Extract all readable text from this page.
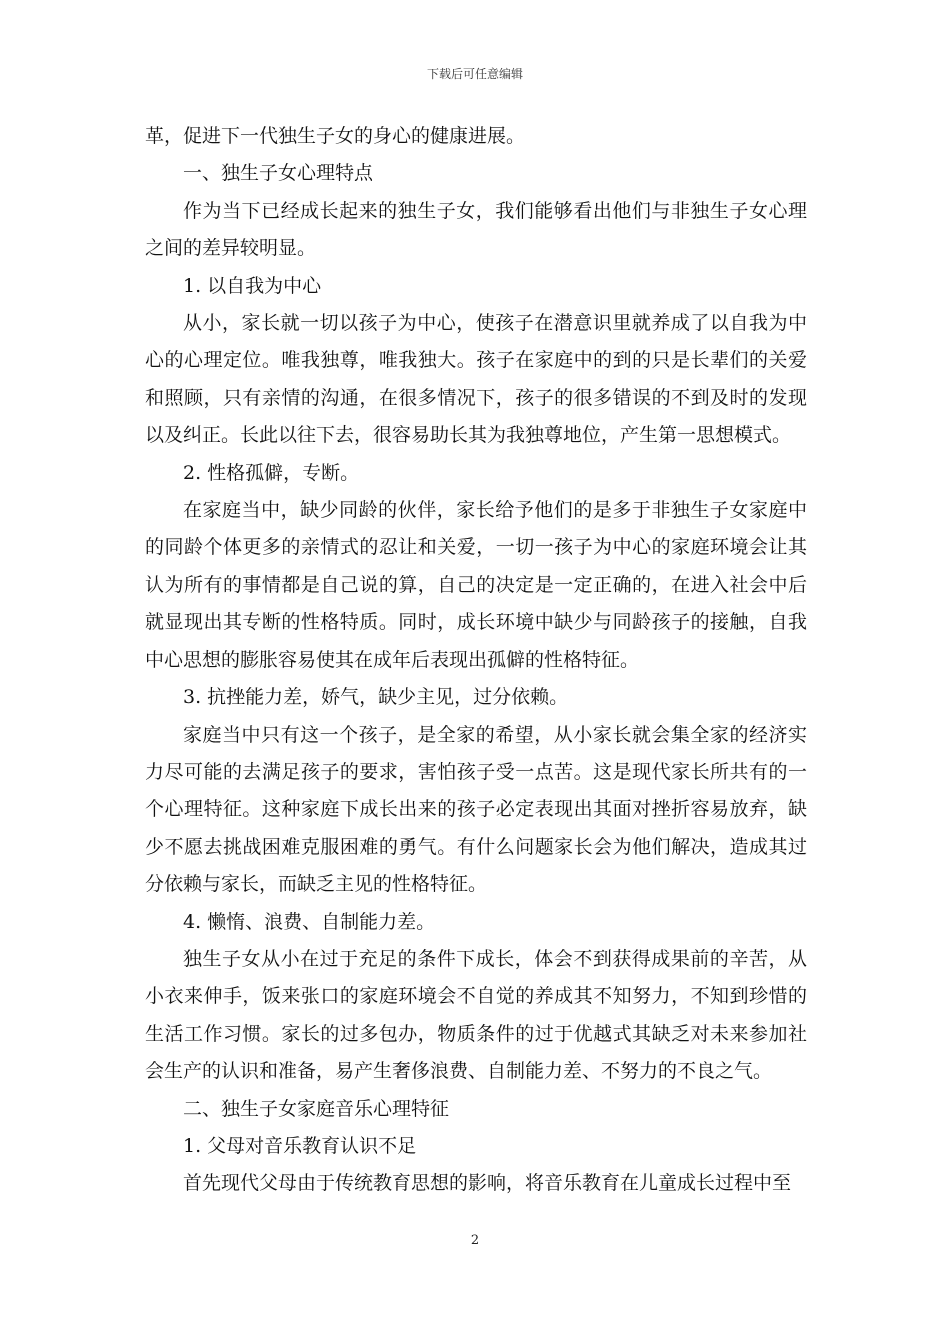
下载后可任意编辑

革，促进下一代独生子女的身心的健康进展。

一、独生子女心理特点

作为当下已经成长起来的独生子女，我们能够看出他们与非独生子女心理之间的差异较明显。

1. 以自我为中心

从小，家长就一切以孩子为中心，使孩子在潜意识里就养成了以自我为中心的心理定位。唯我独尊，唯我独大。孩子在家庭中的到的只是长辈们的关爱和照顾，只有亲情的沟通，在很多情况下，孩子的很多错误的不到及时的发现以及纠正。长此以往下去，很容易助长其为我独尊地位，产生第一思想模式。

2. 性格孤僻，专断。

在家庭当中，缺少同龄的伙伴，家长给予他们的是多于非独生子女家庭中的同龄个体更多的亲情式的忍让和关爱，一切一孩子为中心的家庭环境会让其认为所有的事情都是自己说的算，自己的决定是一定正确的，在进入社会中后就显现出其专断的性格特质。同时，成长环境中缺少与同龄孩子的接触，自我中心思想的膨胀容易使其在成年后表现出孤僻的性格特征。

3. 抗挫能力差，娇气，缺少主见，过分依赖。

家庭当中只有这一个孩子，是全家的希望，从小家长就会集全家的经济实力尽可能的去满足孩子的要求，害怕孩子受一点苦。这是现代家长所共有的一个心理特征。这种家庭下成长出来的孩子必定表现出其面对挫折容易放弃，缺少不愿去挑战困难克服困难的勇气。有什么问题家长会为他们解决，造成其过分依赖与家长，而缺乏主见的性格特征。

4. 懒惰、浪费、自制能力差。

独生子女从小在过于充足的条件下成长，体会不到获得成果前的辛苦，从小衣来伸手，饭来张口的家庭环境会不自觉的养成其不知努力，不知到珍惜的生活工作习惯。家长的过多包办，物质条件的过于优越式其缺乏对未来参加社会生产的认识和准备，易产生奢侈浪费、自制能力差、不努力的不良之气。

二、独生子女家庭音乐心理特征

1. 父母对音乐教育认识不足

首先现代父母由于传统教育思想的影响，将音乐教育在儿童成长过程中至

2
